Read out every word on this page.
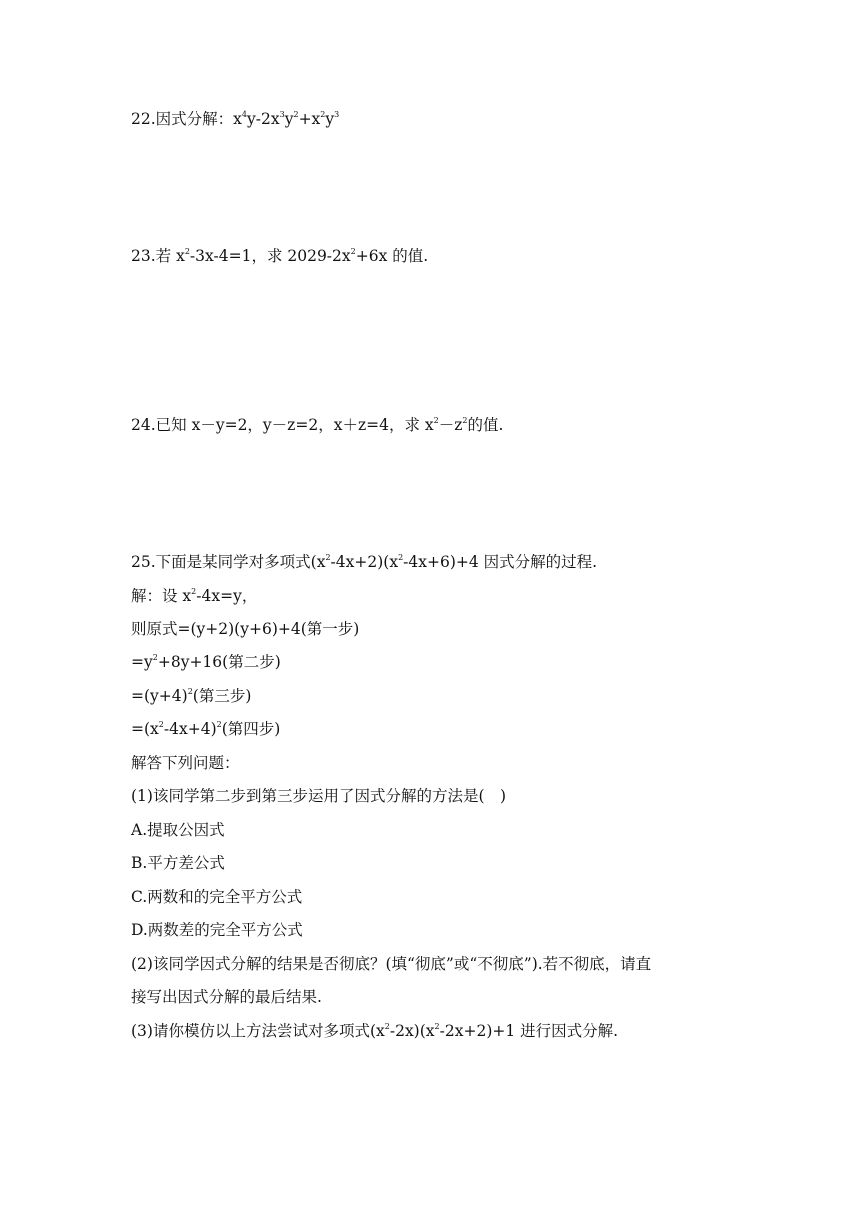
22.因式分解：$x^4y-2x^3y^2+x^2y^3$
23.若 $x^2-3x-4=1$，求 $2029-2x^2+6x$ 的值.
24.已知 x－y=2，y－z=2，x＋z=4，求 $x^2-z^2$的值.
25.下面是某同学对多项式$(x^2-4x+2)(x^2-4x+6)+4$ 因式分解的过程.
解：设 $x^2-4x=y$，
则原式=(y+2)(y+6)+4(第一步)
$=y^2+8y+16$(第二步)
$=(y+4)^2$(第三步)
$=(x^2-4x+4)^2$(第四步)
解答下列问题：
(1)该同学第二步到第三步运用了因式分解的方法是(　)
A.提取公因式
B.平方差公式
C.两数和的完全平方公式
D.两数差的完全平方公式
(2)该同学因式分解的结果是否彻底？(填“彻底”或“不彻底”).若不彻底，请直
接写出因式分解的最后结果.
(3)请你模仿以上方法尝试对多项式$(x^2-2x)(x^2-2x+2)+1$ 进行因式分解.
